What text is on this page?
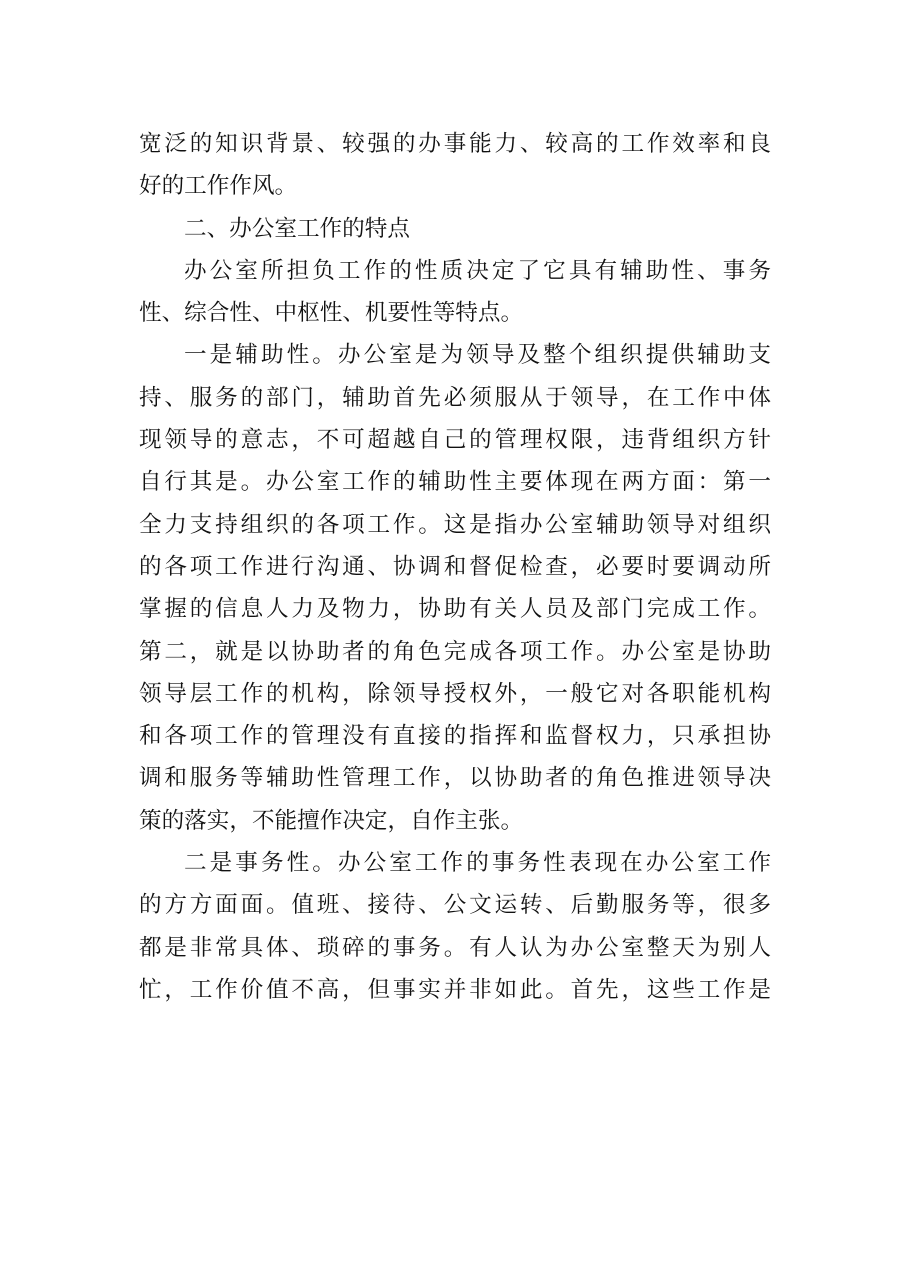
宽泛的知识背景、较强的办事能力、较高的工作效率和良
好的工作作风。
二、办公室工作的特点
办公室所担负工作的性质决定了它具有辅助性、事务
性、综合性、中枢性、机要性等特点。
一是辅助性。办公室是为领导及整个组织提供辅助支
持、服务的部门，辅助首先必须服从于领导，在工作中体
现领导的意志，不可超越自己的管理权限，违背组织方针
自行其是。办公室工作的辅助性主要体现在两方面：第一
全力支持组织的各项工作。这是指办公室辅助领导对组织
的各项工作进行沟通、协调和督促检查，必要时要调动所
掌握的信息人力及物力，协助有关人员及部门完成工作。
第二，就是以协助者的角色完成各项工作。办公室是协助
领导层工作的机构，除领导授权外，一般它对各职能机构
和各项工作的管理没有直接的指挥和监督权力，只承担协
调和服务等辅助性管理工作，以协助者的角色推进领导决
策的落实，不能擅作决定，自作主张。
二是事务性。办公室工作的事务性表现在办公室工作
的方方面面。值班、接待、公文运转、后勤服务等，很多
都是非常具体、琐碎的事务。有人认为办公室整天为别人
忙，工作价值不高，但事实并非如此。首先，这些工作是
